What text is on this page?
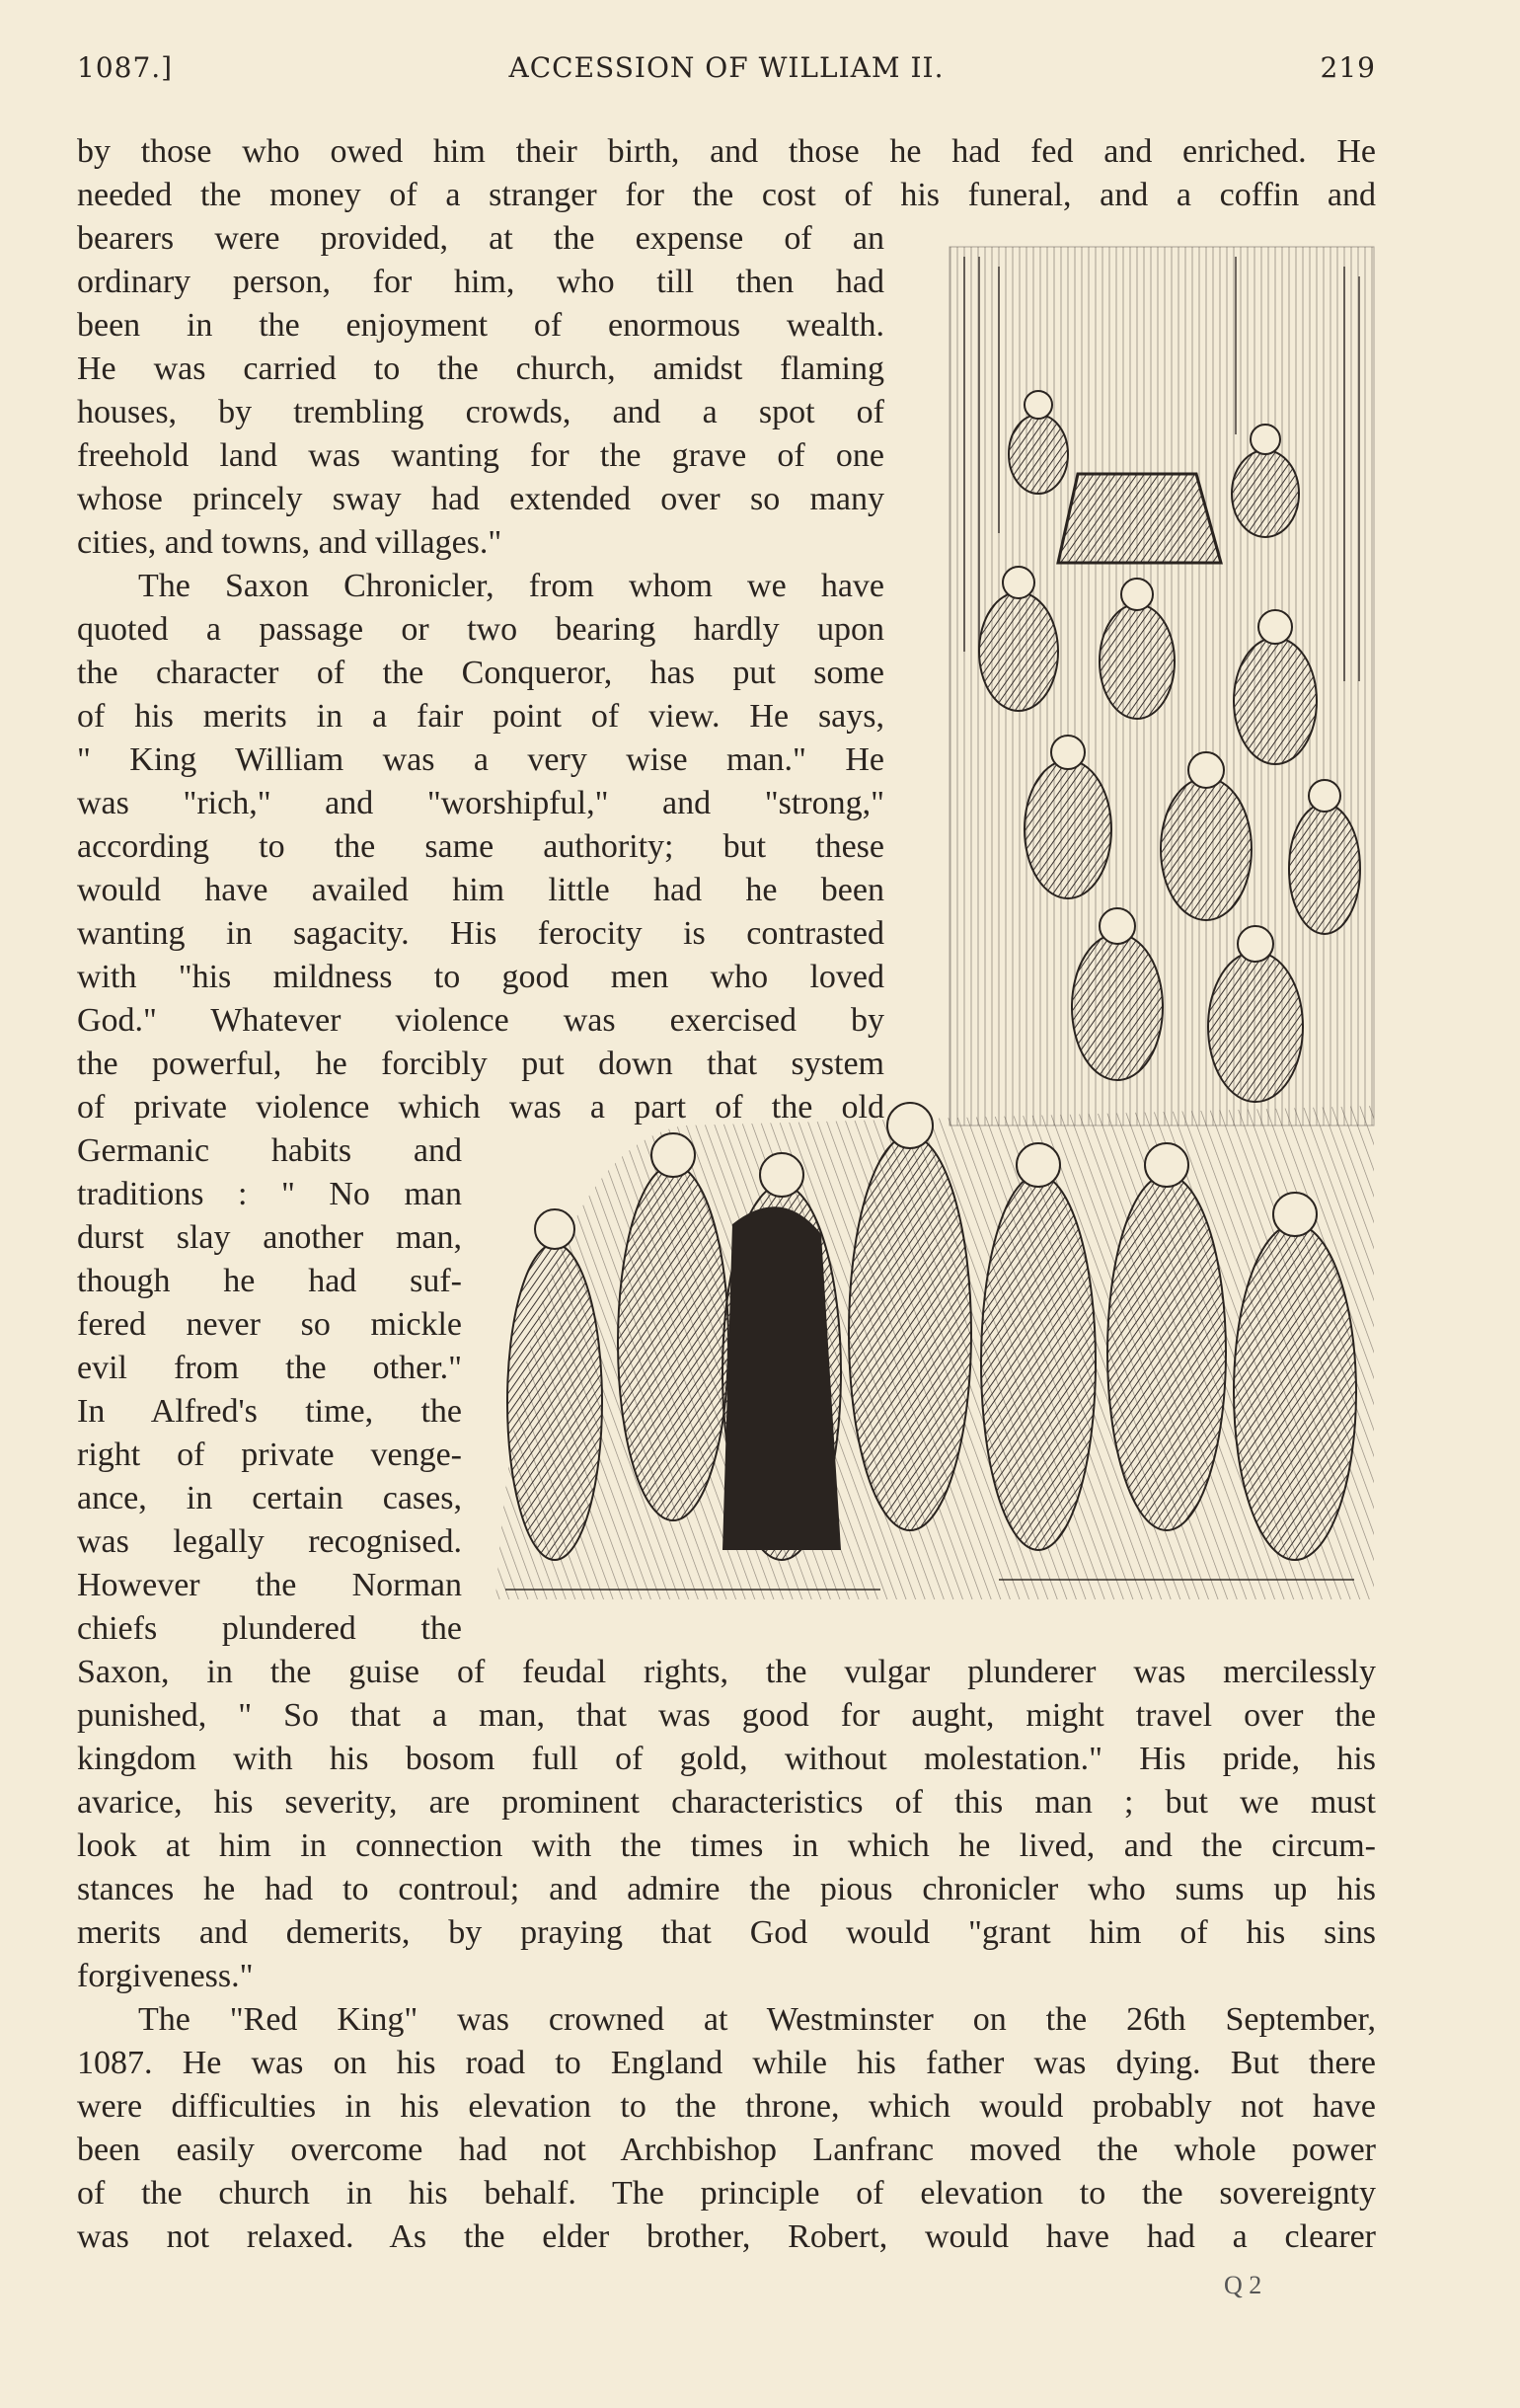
1087.]	ACCESSION OF WILLIAM II.	219
by those who owed him their birth, and those he had fed and enriched. He
needed the money of a stranger for the cost of his funeral, and a coffin and
bearers were provided, at the expense of an
ordinary person, for him, who till then had
been in the enjoyment of enormous wealth.
He was carried to the church, amidst flaming
houses, by trembling crowds, and a spot of
freehold land was wanting for the grave of one
whose princely sway had extended over so many
cities, and towns, and villages."
The Saxon Chronicler, from whom we have
quoted a passage or two bearing hardly upon
the character of the Conqueror, has put some
of his merits in a fair point of view. He says,
" King William was a very wise man." He
was "rich," and "worshipful," and "strong,"
according to the same authority; but these
would have availed him little had he been
wanting in sagacity. His ferocity is contrasted
with "his mildness to good men who loved
God." Whatever violence was exercised by
the powerful, he forcibly put down that system
of private violence which was a part of the old
Germanic habits and
traditions : " No man
durst slay another man,
though he had suf-
fered never so mickle
evil from the other."
In Alfred's time, the
right of private venge-
ance, in certain cases,
was legally recognised.
However the Norman
chiefs plundered the
Saxon, in the guise of feudal rights, the vulgar plunderer was mercilessly
punished, " So that a man, that was good for aught, might travel over the
kingdom with his bosom full of gold, without molestation." His pride, his
avarice, his severity, are prominent characteristics of this man ; but we must
look at him in connection with the times in which he lived, and the circum-
stances he had to controul; and admire the pious chronicler who sums up his
merits and demerits, by praying that God would "grant him of his sins
forgiveness."
The "Red King" was crowned at Westminster on the 26th September,
1087. He was on his road to England while his father was dying. But there
were difficulties in his elevation to the throne, which would probably not have
been easily overcome had not Archbishop Lanfranc moved the whole power
of the church in his behalf. The principle of elevation to the sovereignty
was not relaxed. As the elder brother, Robert, would have had a clearer
Q 2
